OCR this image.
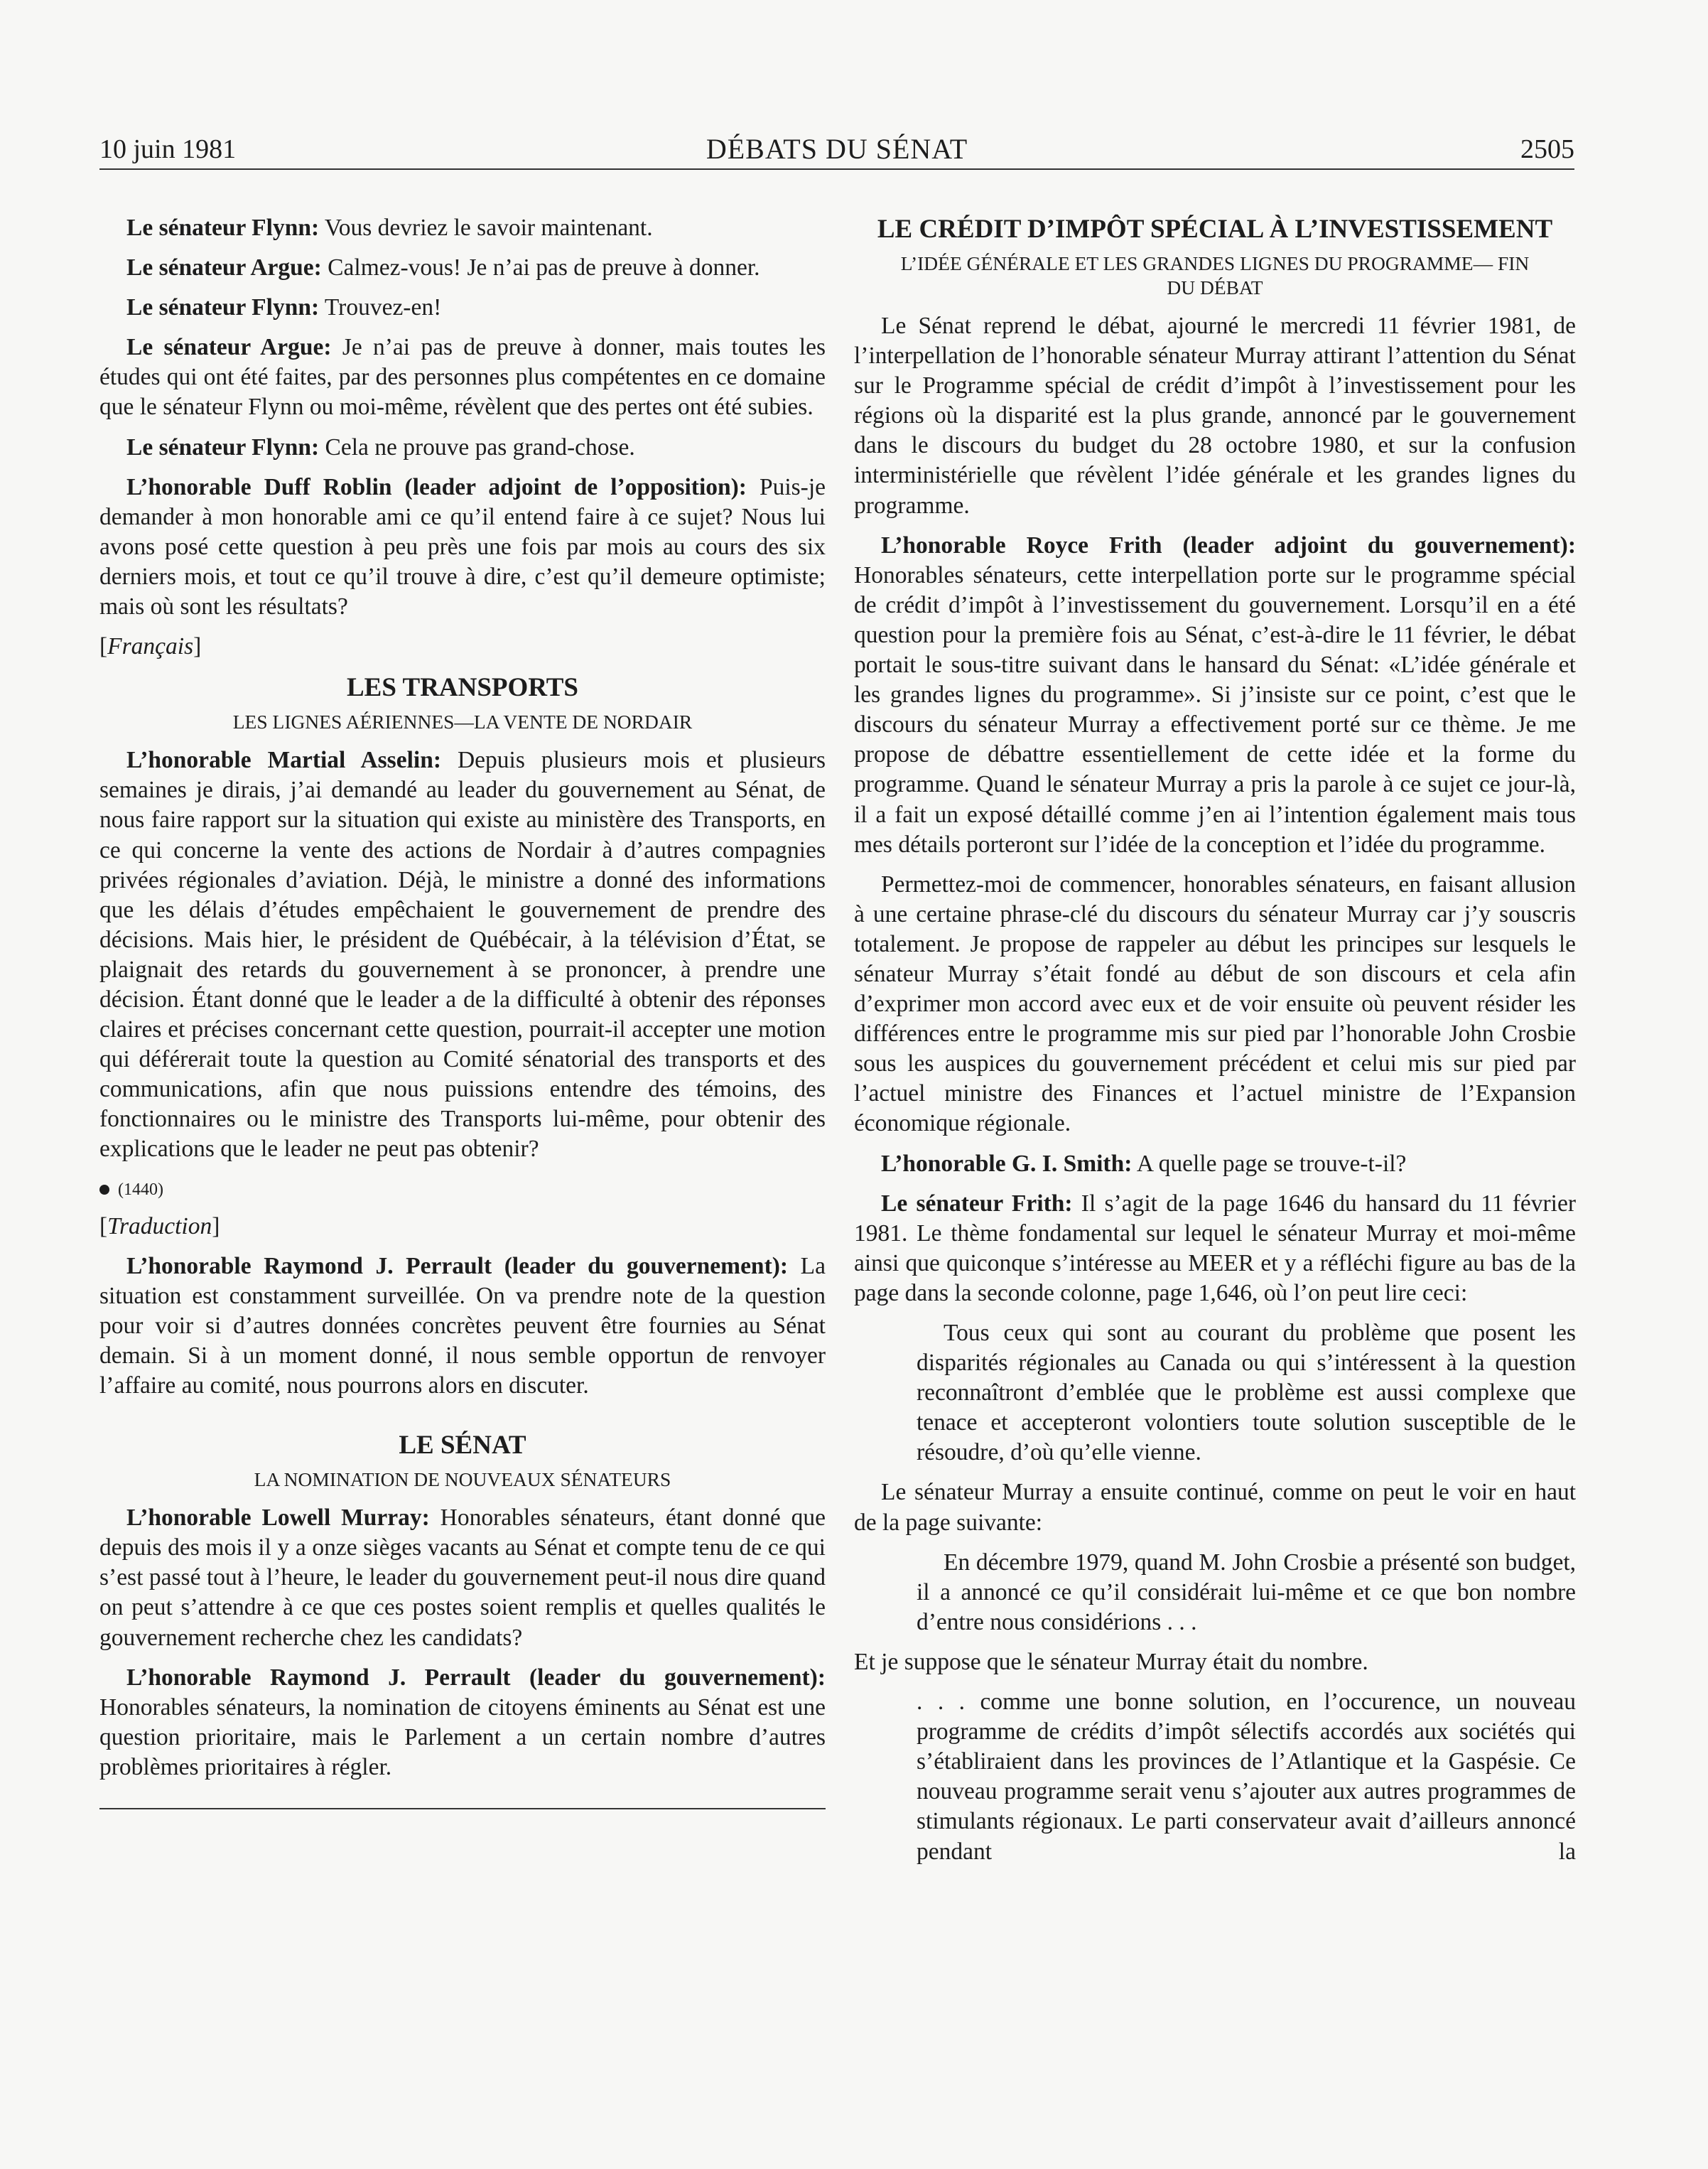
10 juin 1981	DÉBATS DU SÉNAT	2505

Le sénateur Flynn: Vous devriez le savoir maintenant.

Le sénateur Argue: Calmez-vous! Je n’ai pas de preuve à donner.

Le sénateur Flynn: Trouvez-en!

Le sénateur Argue: Je n’ai pas de preuve à donner, mais toutes les études qui ont été faites, par des personnes plus compétentes en ce domaine que le sénateur Flynn ou moi-même, révèlent que des pertes ont été subies.

Le sénateur Flynn: Cela ne prouve pas grand-chose.

L’honorable Duff Roblin (leader adjoint de l’opposition): Puis-je demander à mon honorable ami ce qu’il entend faire à ce sujet? Nous lui avons posé cette question à peu près une fois par mois au cours des six derniers mois, et tout ce qu’il trouve à dire, c’est qu’il demeure optimiste; mais où sont les résultats?

[Français]

LES TRANSPORTS

LES LIGNES AÉRIENNES—LA VENTE DE NORDAIR

L’honorable Martial Asselin: Depuis plusieurs mois et plusieurs semaines je dirais, j’ai demandé au leader du gouvernement au Sénat, de nous faire rapport sur la situation qui existe au ministère des Transports, en ce qui concerne la vente des actions de Nordair à d’autres compagnies privées régionales d’aviation. Déjà, le ministre a donné des informations que les délais d’études empêchaient le gouvernement de prendre des décisions. Mais hier, le président de Québécair, à la télévision d’État, se plaignait des retards du gouvernement à se prononcer, à prendre une décision. Étant donné que le leader a de la difficulté à obtenir des réponses claires et précises concernant cette question, pourrait-il accepter une motion qui déférerait toute la question au Comité sénatorial des transports et des communications, afin que nous puissions entendre des témoins, des fonctionnaires ou le ministre des Transports lui-même, pour obtenir des explications que le leader ne peut pas obtenir?

(1440)

[Traduction]

L’honorable Raymond J. Perrault (leader du gouvernement): La situation est constamment surveillée. On va prendre note de la question pour voir si d’autres données concrètes peuvent être fournies au Sénat demain. Si à un moment donné, il nous semble opportun de renvoyer l’affaire au comité, nous pourrons alors en discuter.

LE SÉNAT

LA NOMINATION DE NOUVEAUX SÉNATEURS

L’honorable Lowell Murray: Honorables sénateurs, étant donné que depuis des mois il y a onze sièges vacants au Sénat et compte tenu de ce qui s’est passé tout à l’heure, le leader du gouvernement peut-il nous dire quand on peut s’attendre à ce que ces postes soient remplis et quelles qualités le gouvernement recherche chez les candidats?

L’honorable Raymond J. Perrault (leader du gouvernement): Honorables sénateurs, la nomination de citoyens éminents au Sénat est une question prioritaire, mais le Parlement a un certain nombre d’autres problèmes prioritaires à régler.

LE CRÉDIT D’IMPÔT SPÉCIAL À L’INVESTISSEMENT

L’IDÉE GÉNÉRALE ET LES GRANDES LIGNES DU PROGRAMME— FIN DU DÉBAT

Le Sénat reprend le débat, ajourné le mercredi 11 février 1981, de l’interpellation de l’honorable sénateur Murray attirant l’attention du Sénat sur le Programme spécial de crédit d’impôt à l’investissement pour les régions où la disparité est la plus grande, annoncé par le gouvernement dans le discours du budget du 28 octobre 1980, et sur la confusion interministérielle que révèlent l’idée générale et les grandes lignes du programme.

L’honorable Royce Frith (leader adjoint du gouvernement): Honorables sénateurs, cette interpellation porte sur le programme spécial de crédit d’impôt à l’investissement du gouvernement. Lorsqu’il en a été question pour la première fois au Sénat, c’est-à-dire le 11 février, le débat portait le sous-titre suivant dans le hansard du Sénat: «L’idée générale et les grandes lignes du programme». Si j’insiste sur ce point, c’est que le discours du sénateur Murray a effectivement porté sur ce thème. Je me propose de débattre essentiellement de cette idée et la forme du programme. Quand le sénateur Murray a pris la parole à ce sujet ce jour-là, il a fait un exposé détaillé comme j’en ai l’intention également mais tous mes détails porteront sur l’idée de la conception et l’idée du programme.

Permettez-moi de commencer, honorables sénateurs, en faisant allusion à une certaine phrase-clé du discours du sénateur Murray car j’y souscris totalement. Je propose de rappeler au début les principes sur lesquels le sénateur Murray s’était fondé au début de son discours et cela afin d’exprimer mon accord avec eux et de voir ensuite où peuvent résider les différences entre le programme mis sur pied par l’honorable John Crosbie sous les auspices du gouvernement précédent et celui mis sur pied par l’actuel ministre des Finances et l’actuel ministre de l’Expansion économique régionale.

L’honorable G. I. Smith: A quelle page se trouve-t-il?

Le sénateur Frith: Il s’agit de la page 1646 du hansard du 11 février 1981. Le thème fondamental sur lequel le sénateur Murray et moi-même ainsi que quiconque s’intéresse au MEER et y a réfléchi figure au bas de la page dans la seconde colonne, page 1,646, où l’on peut lire ceci:

Tous ceux qui sont au courant du problème que posent les disparités régionales au Canada ou qui s’intéressent à la question reconnaîtront d’emblée que le problème est aussi complexe que tenace et accepteront volontiers toute solution susceptible de le résoudre, d’où qu’elle vienne.

Le sénateur Murray a ensuite continué, comme on peut le voir en haut de la page suivante:

En décembre 1979, quand M. John Crosbie a présenté son budget, il a annoncé ce qu’il considérait lui-même et ce que bon nombre d’entre nous considérions . . .

Et je suppose que le sénateur Murray était du nombre.

. . . comme une bonne solution, en l’occurence, un nouveau programme de crédits d’impôt sélectifs accordés aux sociétés qui s’établiraient dans les provinces de l’Atlantique et la Gaspésie. Ce nouveau programme serait venu s’ajouter aux autres programmes de stimulants régionaux. Le parti conservateur avait d’ailleurs annoncé pendant la
